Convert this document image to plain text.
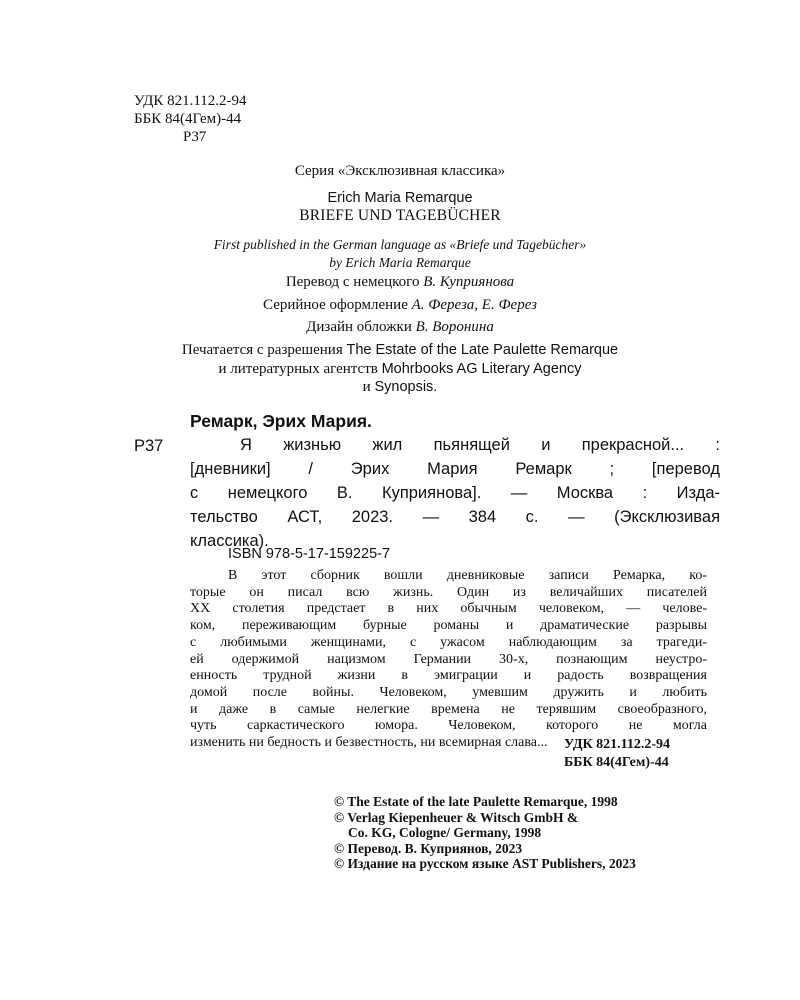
УДК 821.112.2-94
ББК 84(4Гем)-44
Р37
Серия «Эксклюзивная классика»
Erich Maria Remarque
BRIEFE UND TAGEBÜCHER
First published in the German language as «Briefe und Tagebücher»
by Erich Maria Remarque
Перевод с немецкого В. Куприянова
Серийное оформление А. Фереза, Е. Ферез
Дизайн обложки В. Воронина
Печатается с разрешения The Estate of the Late Paulette Remarque
и литературных агентств Mohrbooks AG Literary Agency
и Synopsis.
Ремарк, Эрих Мария.
Р37	Я жизнью жил пьянящей и прекрасной... :
[дневники] / Эрих Мария Ремарк ; [перевод
с немецкого В. Куприянова]. — Москва : Изда-
тельство АСТ, 2023. — 384 с. — (Эксклюзивая
классика).
ISBN 978-5-17-159225-7
В этот сборник вошли дневниковые записи Ремарка, ко-
торые он писал всю жизнь. Один из величайших писателей
XX столетия предстает в них обычным человеком, — челове-
ком, переживающим бурные романы и драматические разрывы
с любимыми женщинами, с ужасом наблюдающим за трагеди-
ей одержимой нацизмом Германии 30-х, познающим неустро-
енность трудной жизни в эмиграции и радость возвращения
домой после войны. Человеком, умевшим дружить и любить
и даже в самые нелегкие времена не терявшим своеобразного,
чуть саркастического юмора. Человеком, которого не могла
изменить ни бедность и безвестность, ни всемирная слава...	УДК 821.112.2-94
ББК 84(4Гем)-44
© The Estate of the late Paulette Remarque, 1998
© Verlag Kiepenheuer & Witsch GmbH &
Co. KG, Cologne/ Germany, 1998
© Перевод. В. Куприянов, 2023
© Издание на русском языке AST Publishers, 2023
